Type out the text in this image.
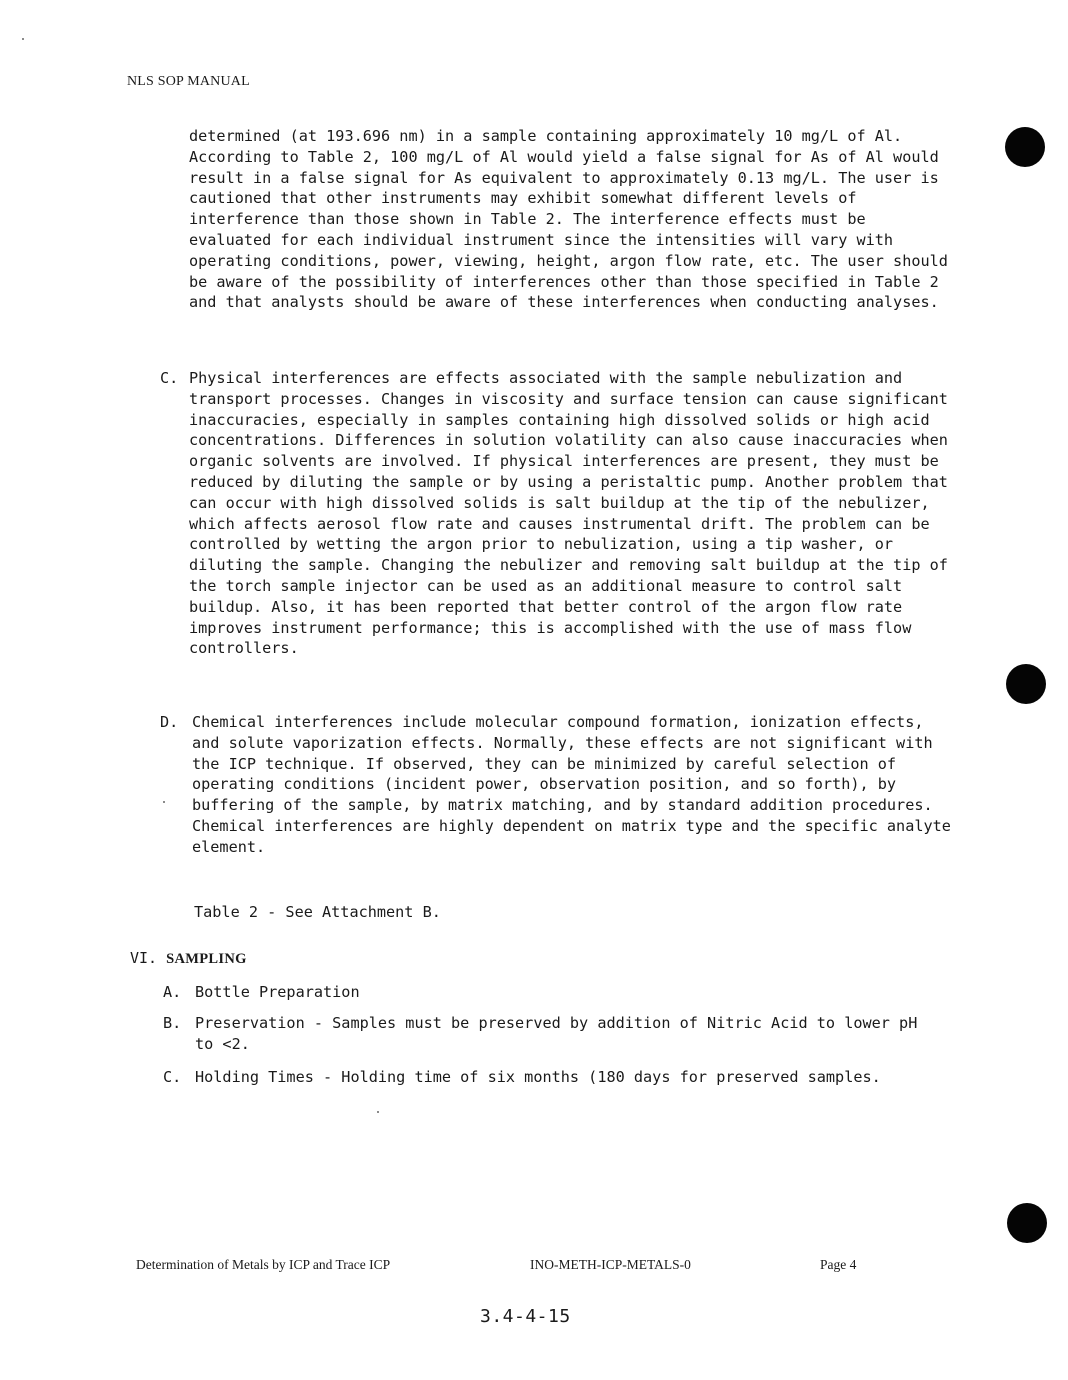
NLS SOP MANUAL
determined (at 193.696 nm) in a sample containing approximately 10 mg/L of Al. According to Table 2, 100 mg/L of Al would yield a false signal for As of Al would result in a false signal for As equivalent to approximately 0.13 mg/L. The user is cautioned that other instruments may exhibit somewhat different levels of interference than those shown in Table 2. The interference effects must be evaluated for each individual instrument since the intensities will vary with operating conditions, power, viewing, height, argon flow rate, etc. The user should be aware of the possibility of interferences other than those specified in Table 2 and that analysts should be aware of these interferences when conducting analyses.
C. Physical interferences are effects associated with the sample nebulization and transport processes. Changes in viscosity and surface tension can cause significant inaccuracies, especially in samples containing high dissolved solids or high acid concentrations. Differences in solution volatility can also cause inaccuracies when organic solvents are involved. If physical interferences are present, they must be reduced by diluting the sample or by using a peristaltic pump. Another problem that can occur with high dissolved solids is salt buildup at the tip of the nebulizer, which affects aerosol flow rate and causes instrumental drift. The problem can be controlled by wetting the argon prior to nebulization, using a tip washer, or diluting the sample. Changing the nebulizer and removing salt buildup at the tip of the torch sample injector can be used as an additional measure to control salt buildup. Also, it has been reported that better control of the argon flow rate improves instrument performance; this is accomplished with the use of mass flow controllers.
D. Chemical interferences include molecular compound formation, ionization effects, and solute vaporization effects. Normally, these effects are not significant with the ICP technique. If observed, they can be minimized by careful selection of operating conditions (incident power, observation position, and so forth), by buffering of the sample, by matrix matching, and by standard addition procedures. Chemical interferences are highly dependent on matrix type and the specific analyte element.
Table 2 - See Attachment B.
VI. SAMPLING
A. Bottle Preparation
B. Preservation - Samples must be preserved by addition of Nitric Acid to lower pH to <2.
C. Holding Times - Holding time of six months (180 days for preserved samples.
Determination of Metals by ICP and Trace ICP	INO-METH-ICP-METALS-0	Page 4
3.4-4-15
